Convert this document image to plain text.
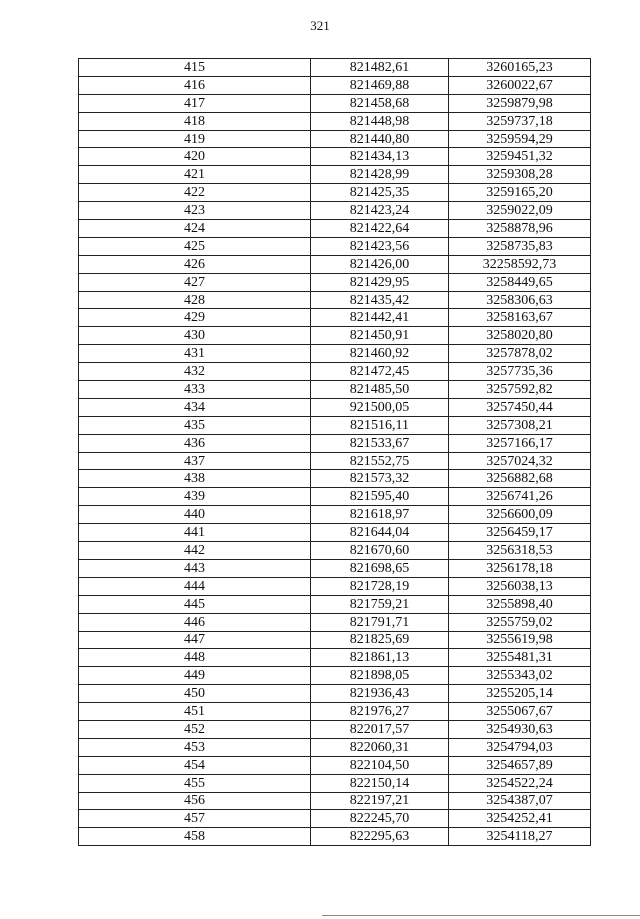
321
415	821482,61	3260165,23
416	821469,88	3260022,67
417	821458,68	3259879,98
418	821448,98	3259737,18
419	821440,80	3259594,29
420	821434,13	3259451,32
421	821428,99	3259308,28
422	821425,35	3259165,20
423	821423,24	3259022,09
424	821422,64	3258878,96
425	821423,56	3258735,83
426	821426,00	32258592,73
427	821429,95	3258449,65
428	821435,42	3258306,63
429	821442,41	3258163,67
430	821450,91	3258020,80
431	821460,92	3257878,02
432	821472,45	3257735,36
433	821485,50	3257592,82
434	921500,05	3257450,44
435	821516,11	3257308,21
436	821533,67	3257166,17
437	821552,75	3257024,32
438	821573,32	3256882,68
439	821595,40	3256741,26
440	821618,97	3256600,09
441	821644,04	3256459,17
442	821670,60	3256318,53
443	821698,65	3256178,18
444	821728,19	3256038,13
445	821759,21	3255898,40
446	821791,71	3255759,02
447	821825,69	3255619,98
448	821861,13	3255481,31
449	821898,05	3255343,02
450	821936,43	3255205,14
451	821976,27	3255067,67
452	822017,57	3254930,63
453	822060,31	3254794,03
454	822104,50	3254657,89
455	822150,14	3254522,24
456	822197,21	3254387,07
457	822245,70	3254252,41
458	822295,63	3254118,27
